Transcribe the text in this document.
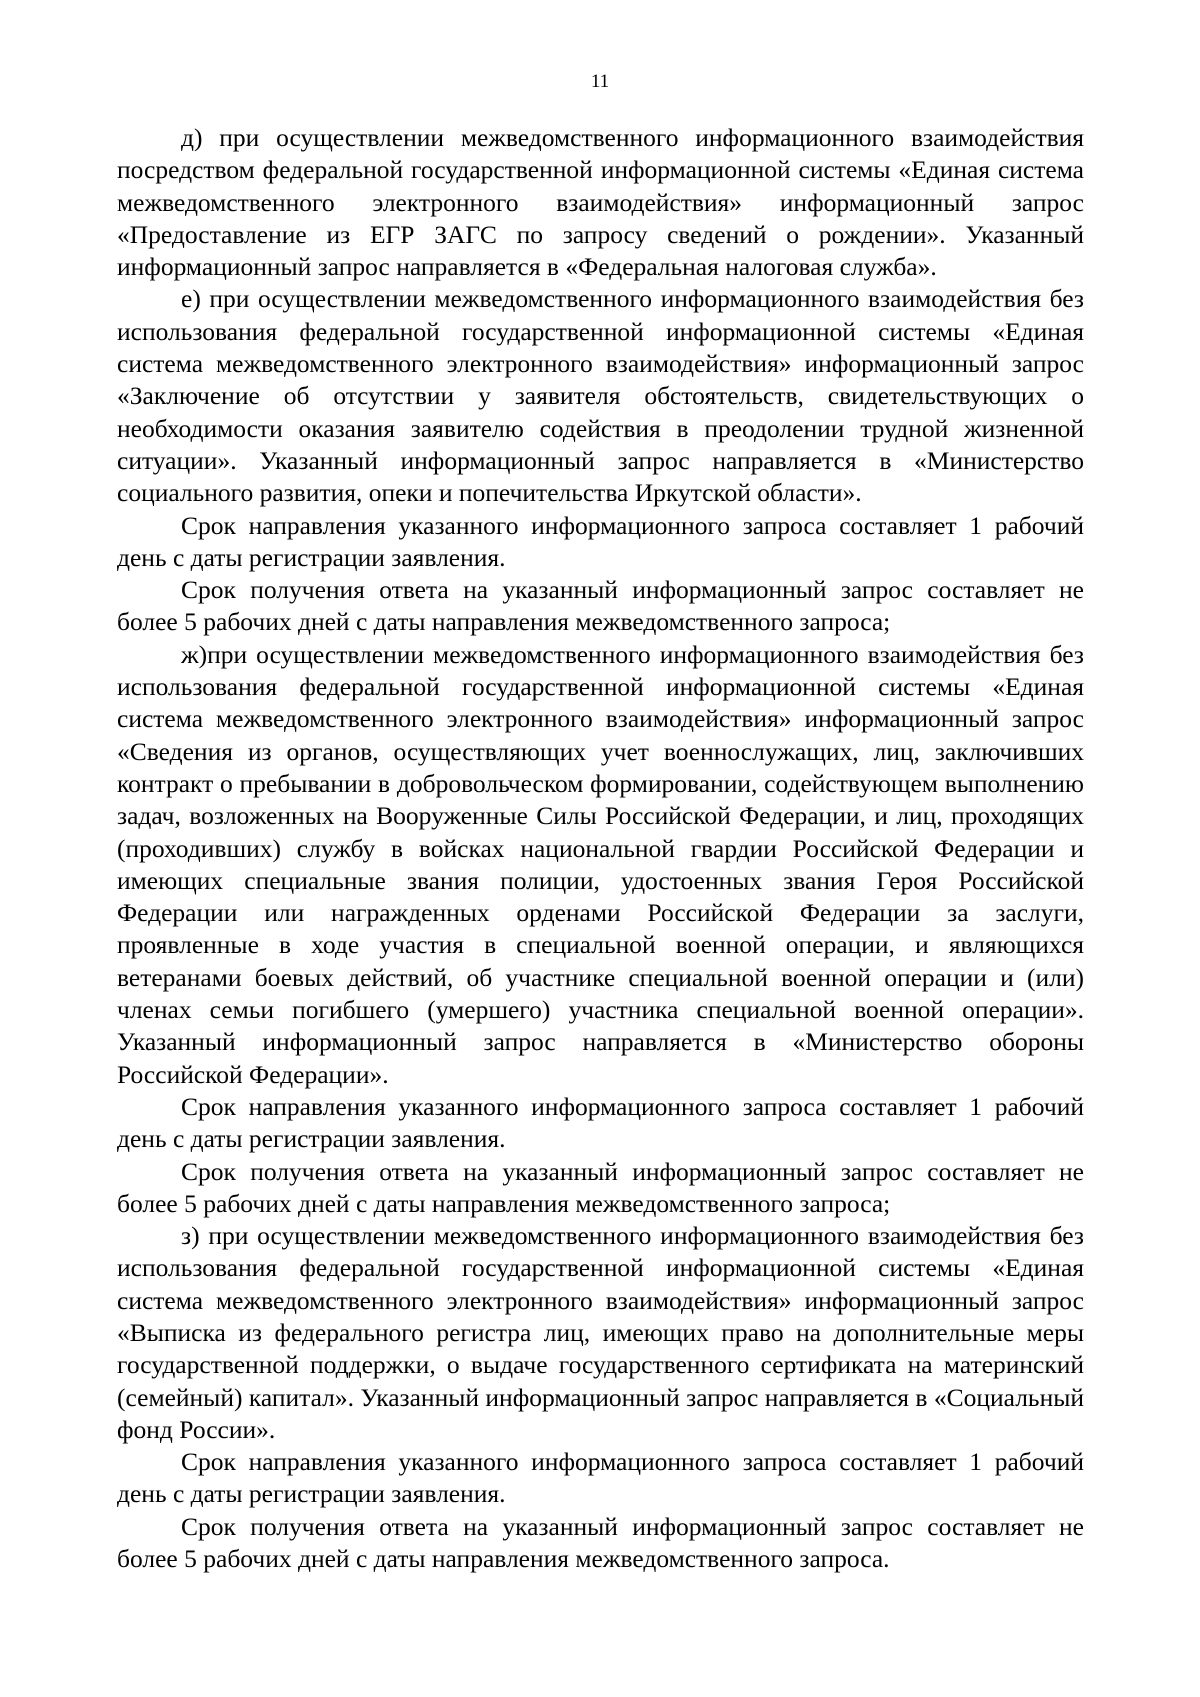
11

д) при осуществлении межведомственного информационного взаимодействия посредством федеральной государственной информационной системы «Единая система межведомственного электронного взаимодействия» информационный запрос «Предоставление из ЕГР ЗАГС по запросу сведений о рождении». Указанный информационный запрос направляется в «Федеральная налоговая служба».

е) при осуществлении межведомственного информационного взаимодействия без использования федеральной государственной информационной системы «Единая система межведомственного электронного взаимодействия» информационный запрос «Заключение об отсутствии у заявителя обстоятельств, свидетельствующих о необходимости оказания заявителю содействия в преодолении трудной жизненной ситуации». Указанный информационный запрос направляется в «Министерство социального развития, опеки и попечительства Иркутской области».

Срок направления указанного информационного запроса составляет 1 рабочий день с даты регистрации заявления.

Срок получения ответа на указанный информационный запрос составляет не более 5 рабочих дней с даты направления межведомственного запроса;

ж)при осуществлении межведомственного информационного взаимодействия без использования федеральной государственной информационной системы «Единая система межведомственного электронного взаимодействия» информационный запрос «Сведения из органов, осуществляющих учет военнослужащих, лиц, заключивших контракт о пребывании в добровольческом формировании, содействующем выполнению задач, возложенных на Вооруженные Силы Российской Федерации, и лиц, проходящих (проходивших) службу в войсках национальной гвардии Российской Федерации и имеющих специальные звания полиции, удостоенных звания Героя Российской Федерации или награжденных орденами Российской Федерации за заслуги, проявленные в ходе участия в специальной военной операции, и являющихся ветеранами боевых действий, об участнике специальной военной операции и (или) членах семьи погибшего (умершего) участника специальной военной операции». Указанный информационный запрос направляется в «Министерство обороны Российской Федерации».

Срок направления указанного информационного запроса составляет 1 рабочий день с даты регистрации заявления.

Срок получения ответа на указанный информационный запрос составляет не более 5 рабочих дней с даты направления межведомственного запроса;

з) при осуществлении межведомственного информационного взаимодействия без использования федеральной государственной информационной системы «Единая система межведомственного электронного взаимодействия» информационный запрос «Выписка из федерального регистра лиц, имеющих право на дополнительные меры государственной поддержки, о выдаче государственного сертификата на материнский (семейный) капитал». Указанный информационный запрос направляется в «Социальный фонд России».

Срок направления указанного информационного запроса составляет 1 рабочий день с даты регистрации заявления.

Срок получения ответа на указанный информационный запрос составляет не более 5 рабочих дней с даты направления межведомственного запроса.
